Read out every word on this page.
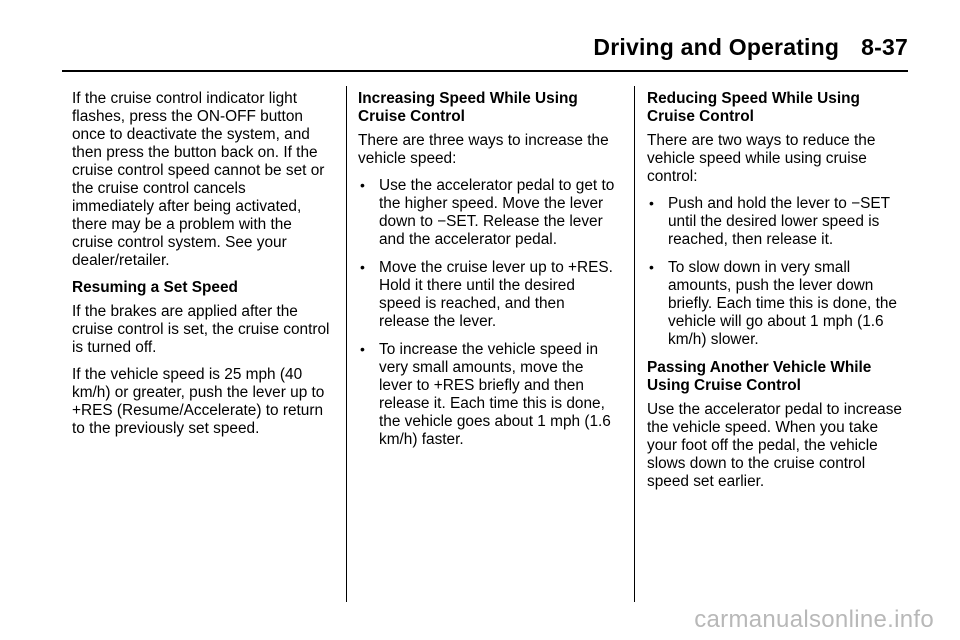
Driving and Operating 8-37

If the cruise control indicator light flashes, press the ON-OFF button once to deactivate the system, and then press the button back on. If the cruise control speed cannot be set or the cruise control cancels immediately after being activated, there may be a problem with the cruise control system. See your dealer/retailer.

Resuming a Set Speed

If the brakes are applied after the cruise control is set, the cruise control is turned off.

If the vehicle speed is 25 mph (40 km/h) or greater, push the lever up to +RES (Resume/Accelerate) to return to the previously set speed.

Increasing Speed While Using Cruise Control

There are three ways to increase the vehicle speed:

• Use the accelerator pedal to get to the higher speed. Move the lever down to −SET. Release the lever and the accelerator pedal.
• Move the cruise lever up to +RES. Hold it there until the desired speed is reached, and then release the lever.
• To increase the vehicle speed in very small amounts, move the lever to +RES briefly and then release it. Each time this is done, the vehicle goes about 1 mph (1.6 km/h) faster.
Reducing Speed While Using Cruise Control

There are two ways to reduce the vehicle speed while using cruise control:

• Push and hold the lever to −SET until the desired lower speed is reached, then release it.
• To slow down in very small amounts, push the lever down briefly. Each time this is done, the vehicle will go about 1 mph (1.6 km/h) slower.
Passing Another Vehicle While Using Cruise Control

Use the accelerator pedal to increase the vehicle speed. When you take your foot off the pedal, the vehicle slows down to the cruise control speed set earlier.

carmanualsonline.info
